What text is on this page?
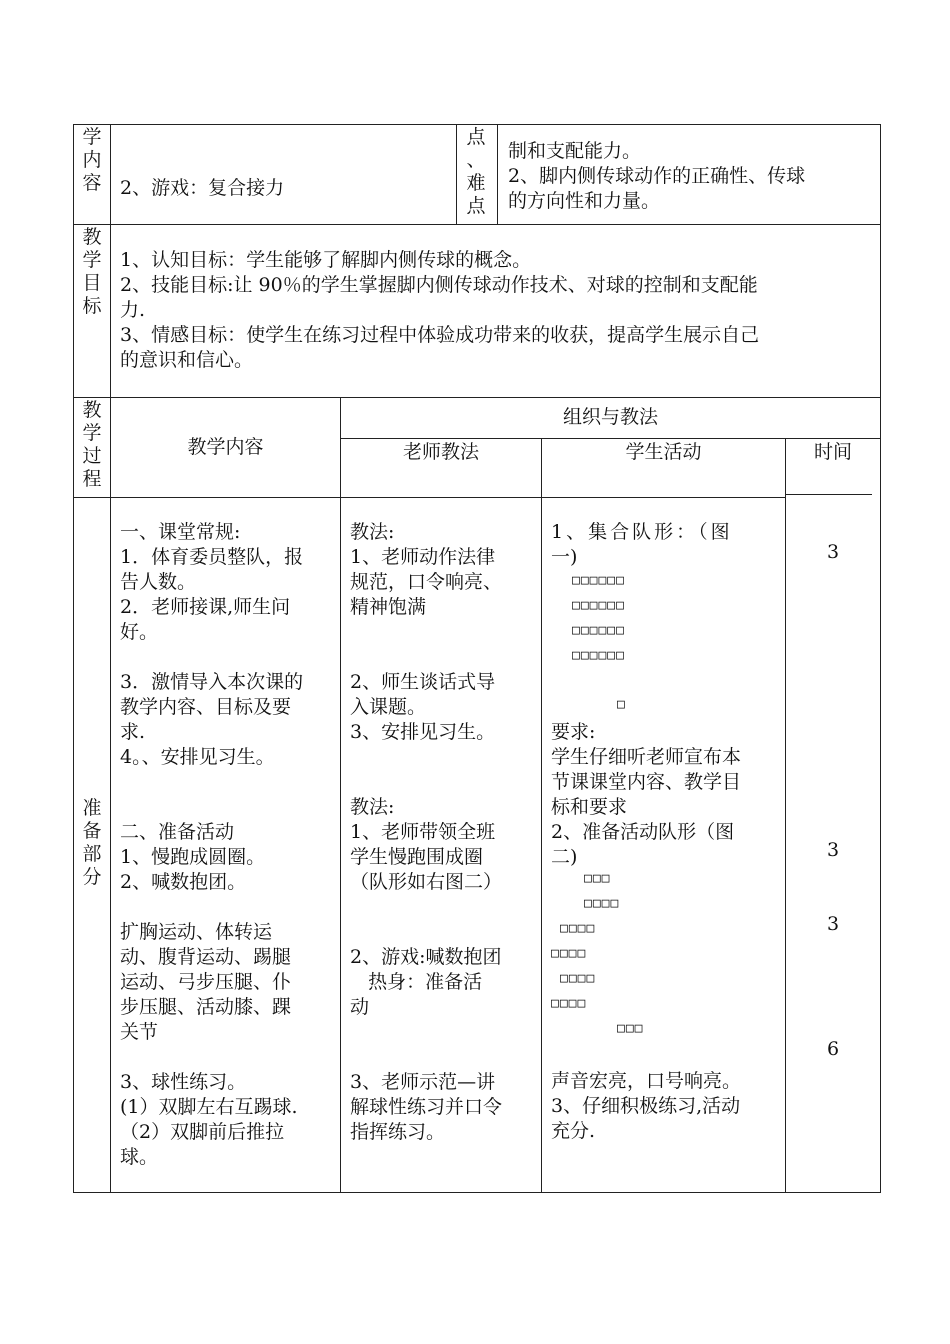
学
内
容 2、游戏：复合接力
点
、
难
点
制和支配能力。
2、脚内侧传球动作的正确性、传球
的方向性和力量。
教
学
目
标
1、认知目标：学生能够了解脚内侧传球的概念。
2、技能目标:让 90％的学生掌握脚内侧传球动作技术、对球的控制和支配能
力.
3、情感目标：使学生在练习过程中体验成功带来的收获，提高学生展示自己
的意识和信心。
教
学
过
程
教学内容
组织与教法
老师教法	学生活动	时间
准
备
部
分
一、课堂常规:
1．体育委员整队，报
告人数。
2．老师接课,师生问
好。
3．激情导入本次课的
教学内容、目标及要
求.
4。、安排见习生。
二、准备活动
1、慢跑成圆圈。
2、喊数抱团。
扩胸运动、体转运
动、腹背运动、踢腿
运动、弓步压腿、仆
步压腿、活动膝、踝
关节
3、球性练习。
(1）双脚左右互踢球.
（2）双脚前后推拉
球。
教法:
1、老师动作法律
规范，口令响亮、
精神饱满
2、师生谈话式导
入课题。
3、安排见习生。
教法:
1、老师带领全班
学生慢跑围成圈
（队形如右图二）
2、游戏:喊数抱团
热身：准备活
动
3、老师示范—讲
解球性练习并口令
指挥练习。
1、集合队形：（图
一)
□□□□□□
□□□□□□
□□□□□□
□□□□□□
□
要求:
学生仔细听老师宣布本
节课课堂内容、教学目
标和要求
2、准备活动队形（图
二)
□□□
□□□□
□□□□
□□□□
□□□□
□□□□
□□□
声音宏亮，口号响亮。
3、仔细积极练习,活动
充分.
3
3
3
6
